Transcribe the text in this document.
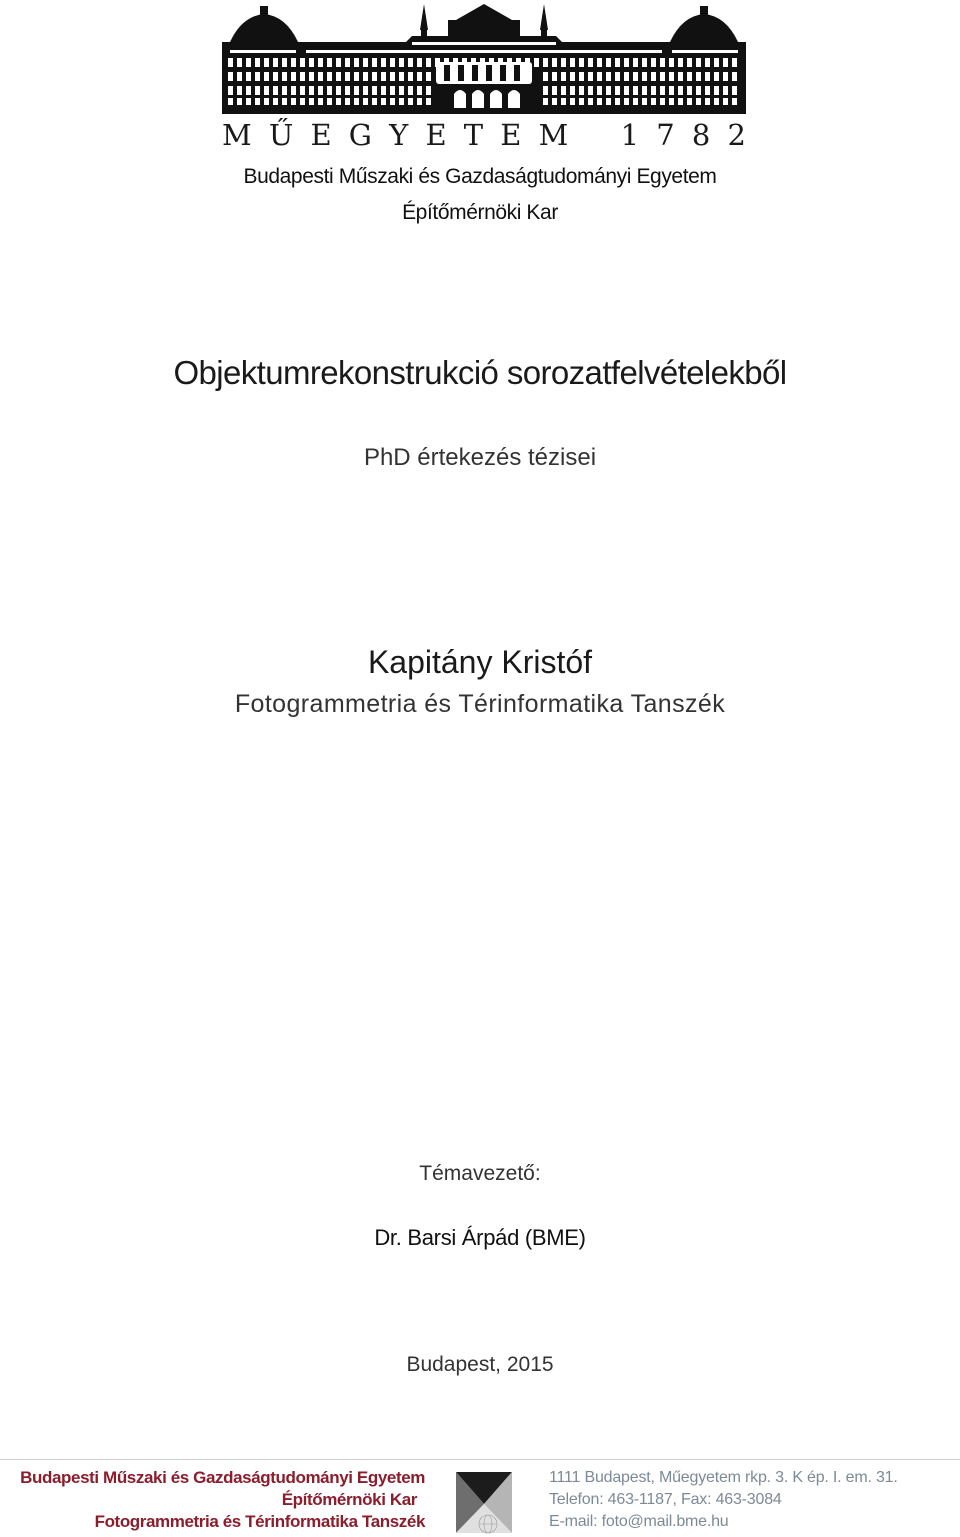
M Ű E G Y E T E M 1 7 8 2
Budapesti Műszaki és Gazdaságtudományi Egyetem
Építőmérnöki Kar
Objektumrekonstrukció sorozatfelvételekből
PhD értekezés tézisei
Kapitány Kristóf
Fotogrammetria és Térinformatika Tanszék
Témavezető:
Dr. Barsi Árpád (BME)
Budapest, 2015
Budapesti Műszaki és Gazdaságtudományi Egyetem
Építőmérnöki Kar
Fotogrammetria és Térinformatika Tanszék
1111 Budapest, Műegyetem rkp. 3. K ép. I. em. 31.
Telefon: 463-1187, Fax: 463-3084
E-mail: foto@mail.bme.hu
